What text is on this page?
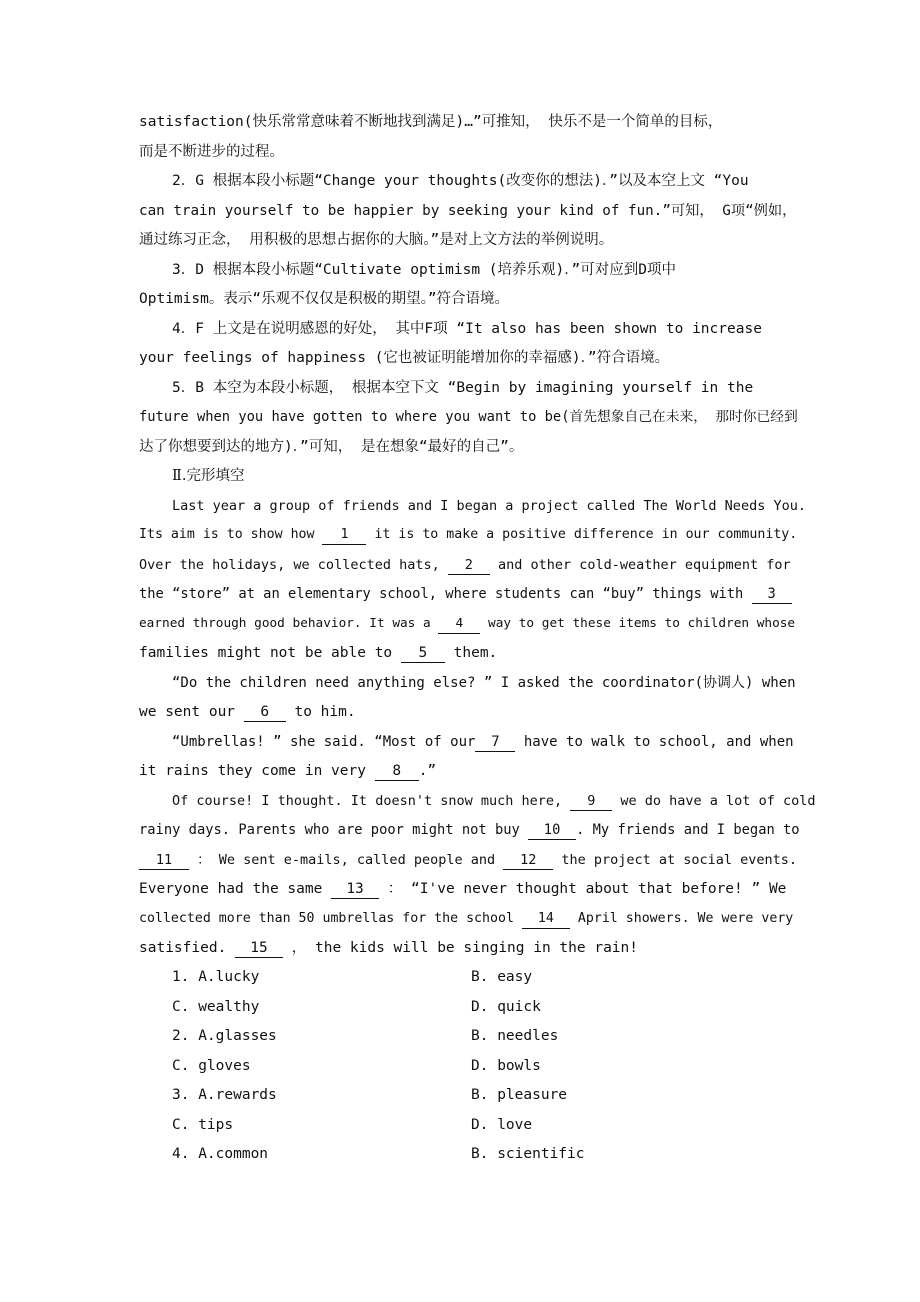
satisfaction(快乐常常意味着不断地找到满足)…”可推知， 快乐不是一个简单的目标，
而是不断进步的过程。
2．G 根据本段小标题“Change your thoughts(改变你的想法)．”以及本空上文 “You
can train yourself to be happier by seeking your kind of fun.”可知， G项“例如，
通过练习正念， 用积极的思想占据你的大脑。”是对上文方法的举例说明。
3．D 根据本段小标题“Cultivate optimism (培养乐观)．”可对应到D项中
Optimism。表示“乐观不仅仅是积极的期望。”符合语境。
4．F 上文是在说明感恩的好处， 其中F项 “It also has been shown to increase
your feelings of happiness (它也被证明能增加你的幸福感)．”符合语境。
5．B 本空为本段小标题， 根据本空下文 “Begin by imagining yourself in the
future when you have gotten to where you want to be(首先想象自己在未来， 那时你已经到
达了你想要到达的地方)．”可知， 是在想象“最好的自己”。
Ⅱ.完形填空
Last year a group of friends and I began a project called The World Needs You.
Its aim is to show how 1 it is to make a positive difference in our community.
Over the holidays, we collected hats, 2 and other cold-weather equipment for
the “store” at an elementary school, where students can “buy” things with 3
earned through good behavior. It was a 4 way to get these items to children whose
families might not be able to 5 them.
“Do the children need anything else? ” I asked the coordinator(协调人) when
we sent our 6 to him.
“Umbrellas! ” she said. “Most of our 7 have to walk to school, and when
it rains they come in very 8 .”
Of course! I thought. It doesn't snow much here, 9 we do have a lot of cold
rainy days. Parents who are poor might not buy 10 . My friends and I began to
11 ： We sent e-mails, called people and 12 the project at social events.
Everyone had the same 13 ： “I've never thought about that before! ” We
collected more than 50 umbrellas for the school 14 April showers. We were very
satisfied. 15 ， the kids will be singing in the rain!
1. A.lucky	B. easy
C. wealthy	D. quick
2. A.glasses	B. needles
C. gloves	D. bowls
3. A.rewards	B. pleasure
C. tips	D. love
4. A.common	B. scientific
